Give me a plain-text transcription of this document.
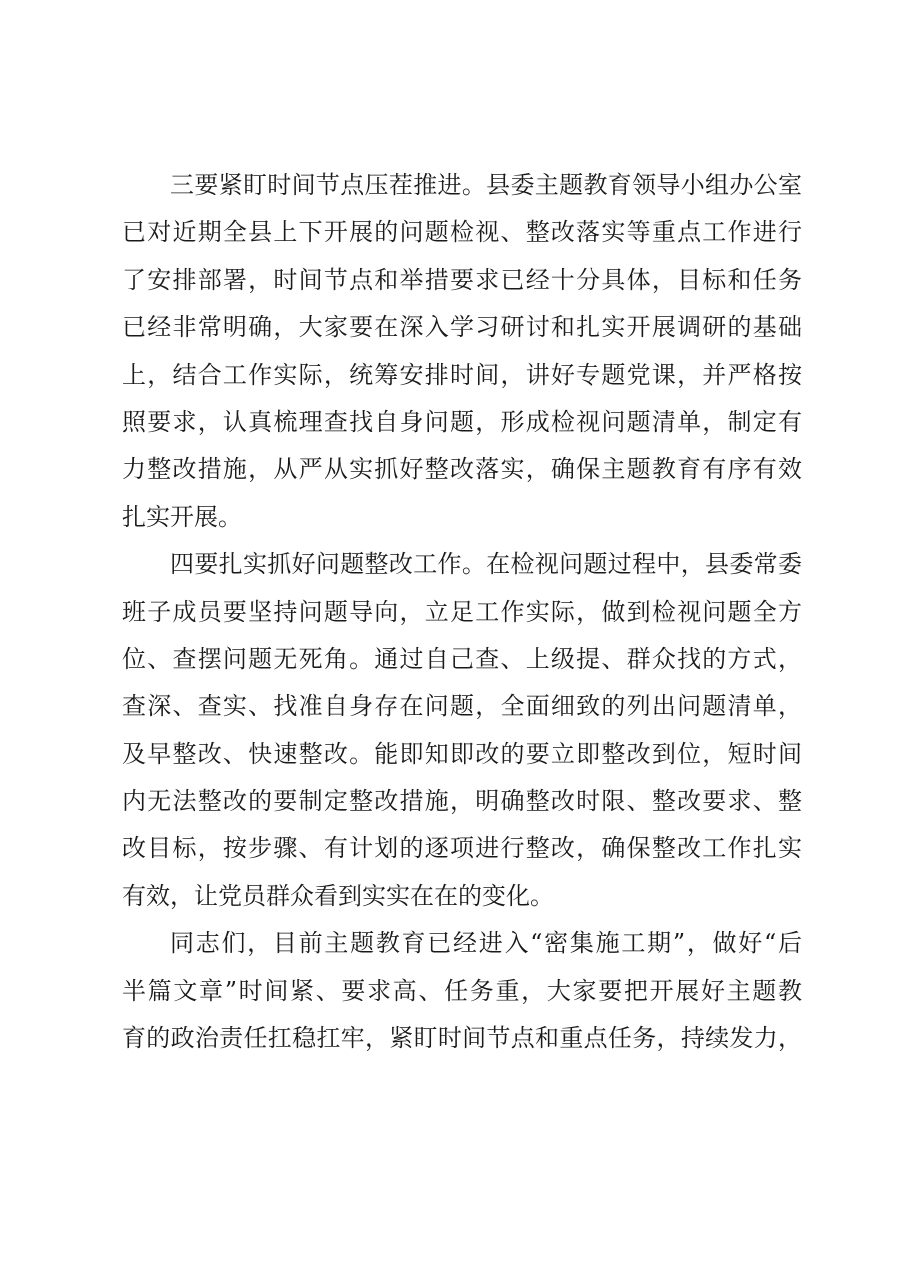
三要紧盯时间节点压茬推进。县委主题教育领导小组办公室
已对近期全县上下开展的问题检视、整改落实等重点工作进行
了安排部署，时间节点和举措要求已经十分具体，目标和任务
已经非常明确，大家要在深入学习研讨和扎实开展调研的基础
上，结合工作实际，统筹安排时间，讲好专题党课，并严格按
照要求，认真梳理查找自身问题，形成检视问题清单，制定有
力整改措施，从严从实抓好整改落实，确保主题教育有序有效
扎实开展。
四要扎实抓好问题整改工作。在检视问题过程中，县委常委
班子成员要坚持问题导向，立足工作实际，做到检视问题全方
位、查摆问题无死角。通过自己查、上级提、群众找的方式，
查深、查实、找准自身存在问题，全面细致的列出问题清单，
及早整改、快速整改。能即知即改的要立即整改到位，短时间
内无法整改的要制定整改措施，明确整改时限、整改要求、整
改目标，按步骤、有计划的逐项进行整改，确保整改工作扎实
有效，让党员群众看到实实在在的变化。
同志们，目前主题教育已经进入“密集施工期”，做好“后
半篇文章”时间紧、要求高、任务重，大家要把开展好主题教
育的政治责任扛稳扛牢，紧盯时间节点和重点任务，持续发力，
